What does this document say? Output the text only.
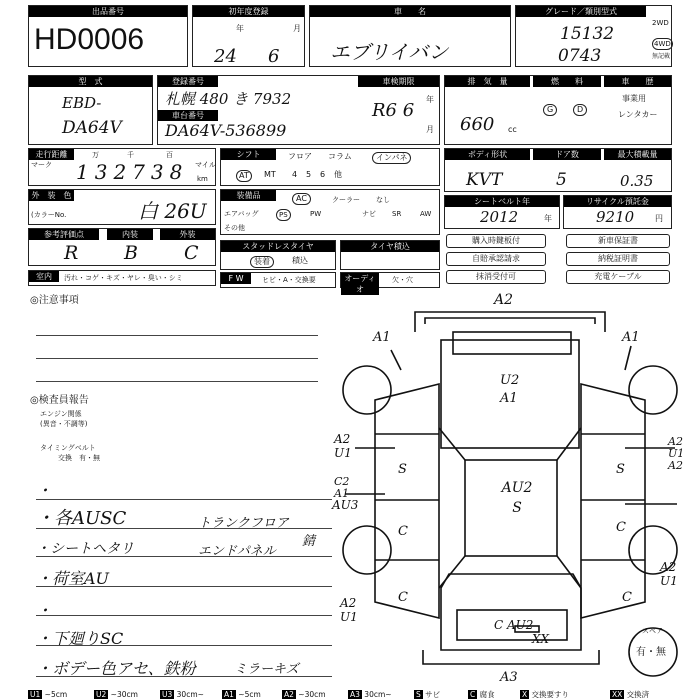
出品番号
HD0006
初年度登録
年	月
24 6
車　　名
エブリイバン
グレード／類別型式
15132
0743
2WD
4WD
無記載
型　式
EBD-
DA64V
登録番号
札幌 480 き 7932
車台番号
DA64V-536899
車検期限
R6 6
年
月
排　気　量
660 cc
燃　　料
G	D
車　　歴
事業用
レンタカー
走行距離
マーク
万	千	百
マイル
km
132738
シフト	フロア コラム	インパネ
AT	MT 4 5 6 他
ボディ形状
KVT
ドア数
5
最大積載量
0.35
外　装　色
(カラーNo.	白 26U
装備品	AC	クーラー なし
エアバッグ	PS	PW	ナビ SR	AW
その他
シートベルト年
2012	年
リサイクル預託金
9210	円
参考評価点	内装	外装
R B C	スタッドレスタイヤ
装着	積込
タイヤ積込
購入時鍵板付	新車保証書
自賠承認請求	納税証明書
抹消受付可	充電ケーブル
室内	汚れ・コゲ・キズ・ヤレ・臭い・シミ	F W	ヒビ・A・交換要	オーディオ
欠・穴
◎注意事項
◎検査員報告
エンジン関係
(異音・不調等)
タイミングベルト
交換　有・無
・
・各AUSC
・シートヘタリ
・荷室AU
・
・下廻りSC
・ボデー色アセ、鉄粉
トランクフロア
エンドパネル
錆
ミラーキズ
A2
A1	A1
U2 A1
A2 U1
C2 A1
AU3
S
C
AU2 S
S
C
A2 U1
A2 U1
C
C AU2
XX
A3
C
A2 U1 A2
スペア
有・無
U1 ~5cm	U2 ~30cm	U3 30cm~	A1 ~5cm	A2 ~30cm	A3 30cm~	S サビ	C 腐食	X 交換要すり	XX 交換済
